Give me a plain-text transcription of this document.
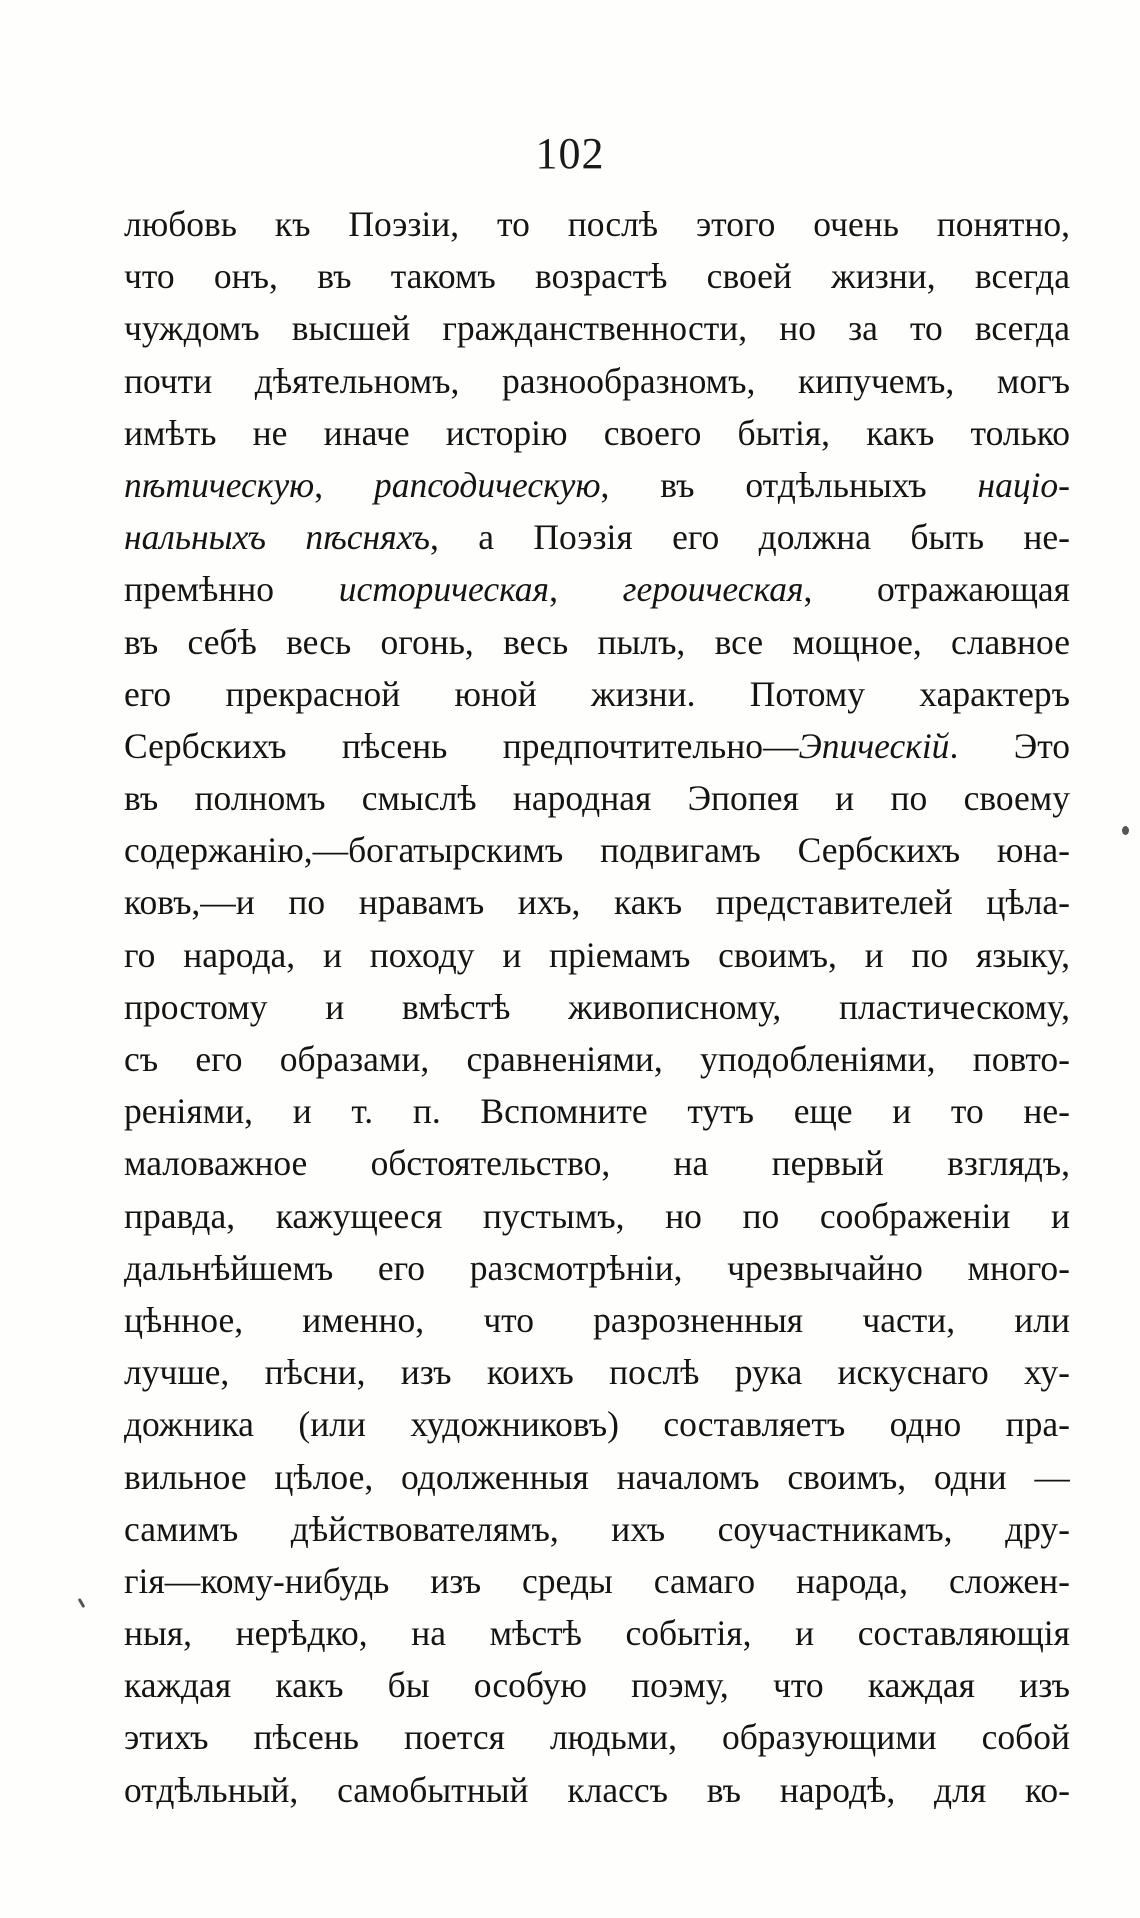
102
любовь къ Поэзіи, то послѣ этого очень понятно,
что онъ, въ такомъ возрастѣ своей жизни, всегда
чуждомъ высшей гражданственности, но за то всегда
почти дѣятельномъ, разнообразномъ, кипучемъ, могъ
имѣть не иначе исторію своего бытія, какъ только
пѣтическую, рапсодическую, въ отдѣльныхъ націо-
нальныхъ пѣсняхъ, а Поэзія его должна быть не-
премѣнно историческая, героическая, отражающая
въ себѣ весь огонь, весь пылъ, все мощное, славное
его прекрасной юной жизни. Потому характеръ
Сербскихъ пѣсень предпочтительно—Эпическій. Это
въ полномъ смыслѣ народная Эпопея и по своему
содержанію,—богатырскимъ подвигамъ Сербскихъ юна-
ковъ,—и по нравамъ ихъ, какъ представителей цѣла-
го народа, и походу и пріемамъ своимъ, и по языку,
простому и вмѣстѣ живописному, пластическому,
съ его образами, сравненіями, уподобленіями, повто-
реніями, и т. п. Вспомните тутъ еще и то не-
маловажное обстоятельство, на первый взглядъ,
правда, кажущееся пустымъ, но по соображеніи и
дальнѣйшемъ его разсмотрѣніи, чрезвычайно много-
цѣнное, именно, что разрозненныя части, или
лучше, пѣсни, изъ коихъ послѣ рука искуснаго ху-
дожника (или художниковъ) составляетъ одно пра-
вильное цѣлое, одолженныя началомъ своимъ, одни —
самимъ дѣйствователямъ, ихъ соучастникамъ, дру-
гія—кому-нибудь изъ среды самаго народа, сложен-
ныя, нерѣдко, на мѣстѣ событія, и составляющія
каждая какъ бы особую поэму, что каждая изъ
этихъ пѣсень поется людьми, образующими собой
отдѣльный, самобытный классъ въ народѣ, для ко-
